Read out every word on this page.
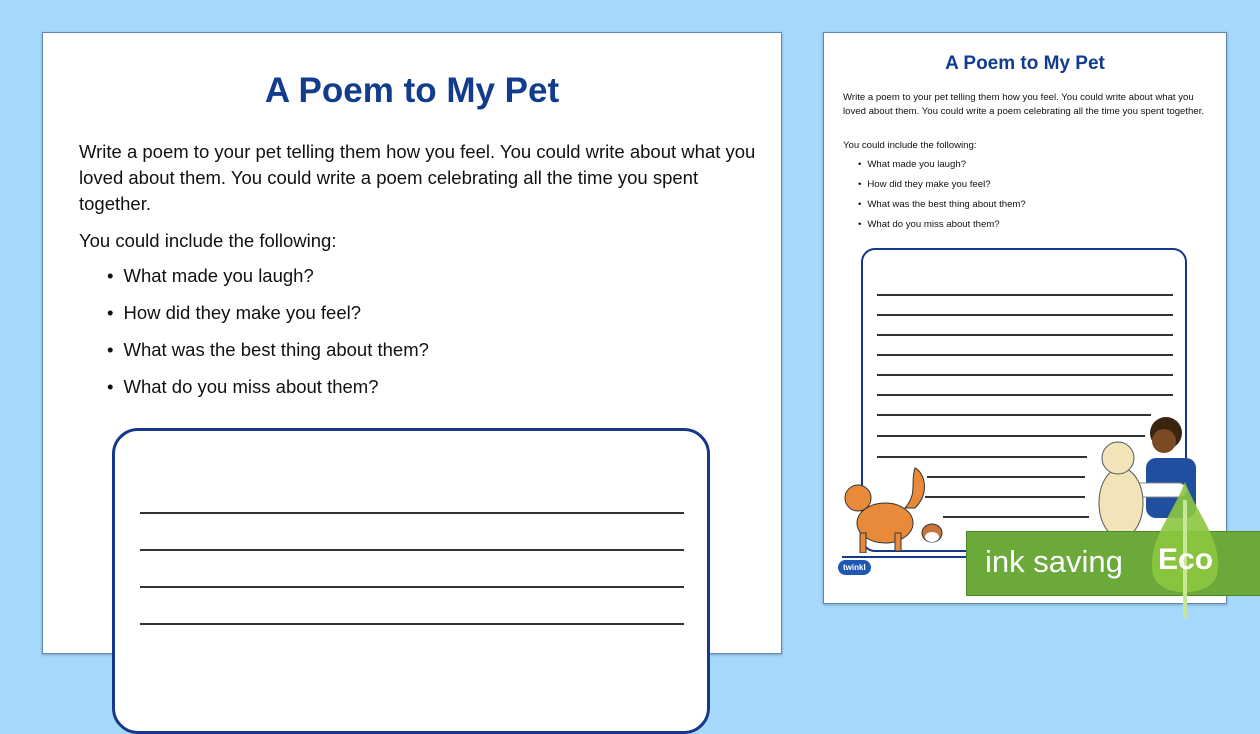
A Poem to My Pet
Write a poem to your pet telling them how you feel. You could write about what you loved about them. You could write a poem celebrating all the time you spent together.
You could include the following:
• What made you laugh?
• How did they make you feel?
• What was the best thing about them?
• What do you miss about them?
A Poem to My Pet
Write a poem to your pet telling them how you feel. You could write about what you loved about them. You could write a poem celebrating all the time you spent together.
You could include the following:
• What made you laugh?
• How did they make you feel?
• What was the best thing about them?
• What do you miss about them?
twinkl	ink saving Eco
